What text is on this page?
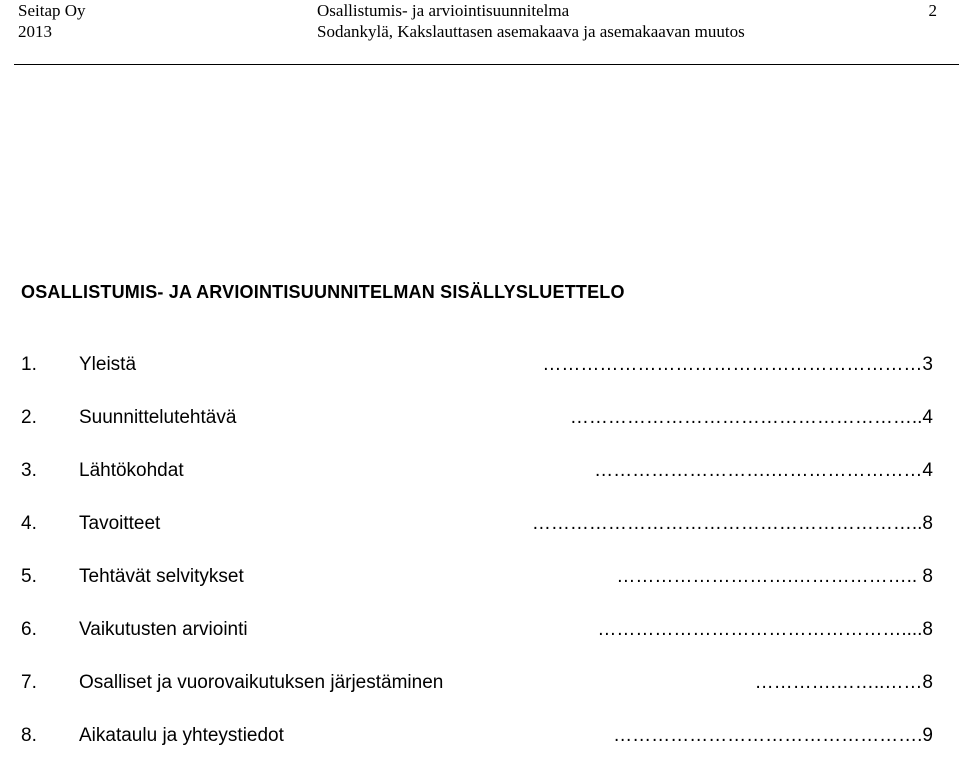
Seitap Oy
2013
Osallistumis- ja arviointisuunnitelma
Sodankylä, Kakslauttasen asemakaava ja asemakaavan muutos
2
OSALLISTUMIS- JA ARVIOINTISUUNNITELMAN SISÄLLYSLUETTELO
1. Yleistä	……………………………………………………3
2. Suunnittelutehtävä	………………………………………………..4
3. Lähtökohdat	……………………….……………………4
4. Tavoitteet	……………………………………………………..8
5. Tehtävät selvitykset	……………………….……………….. 8
6. Vaikutusten arviointi	…………………………………………....8
7. Osalliset ja vuorovaikutuksen järjestäminen	………….……..……8
8. Aikataulu ja yhteystiedot	………………………………………….9
